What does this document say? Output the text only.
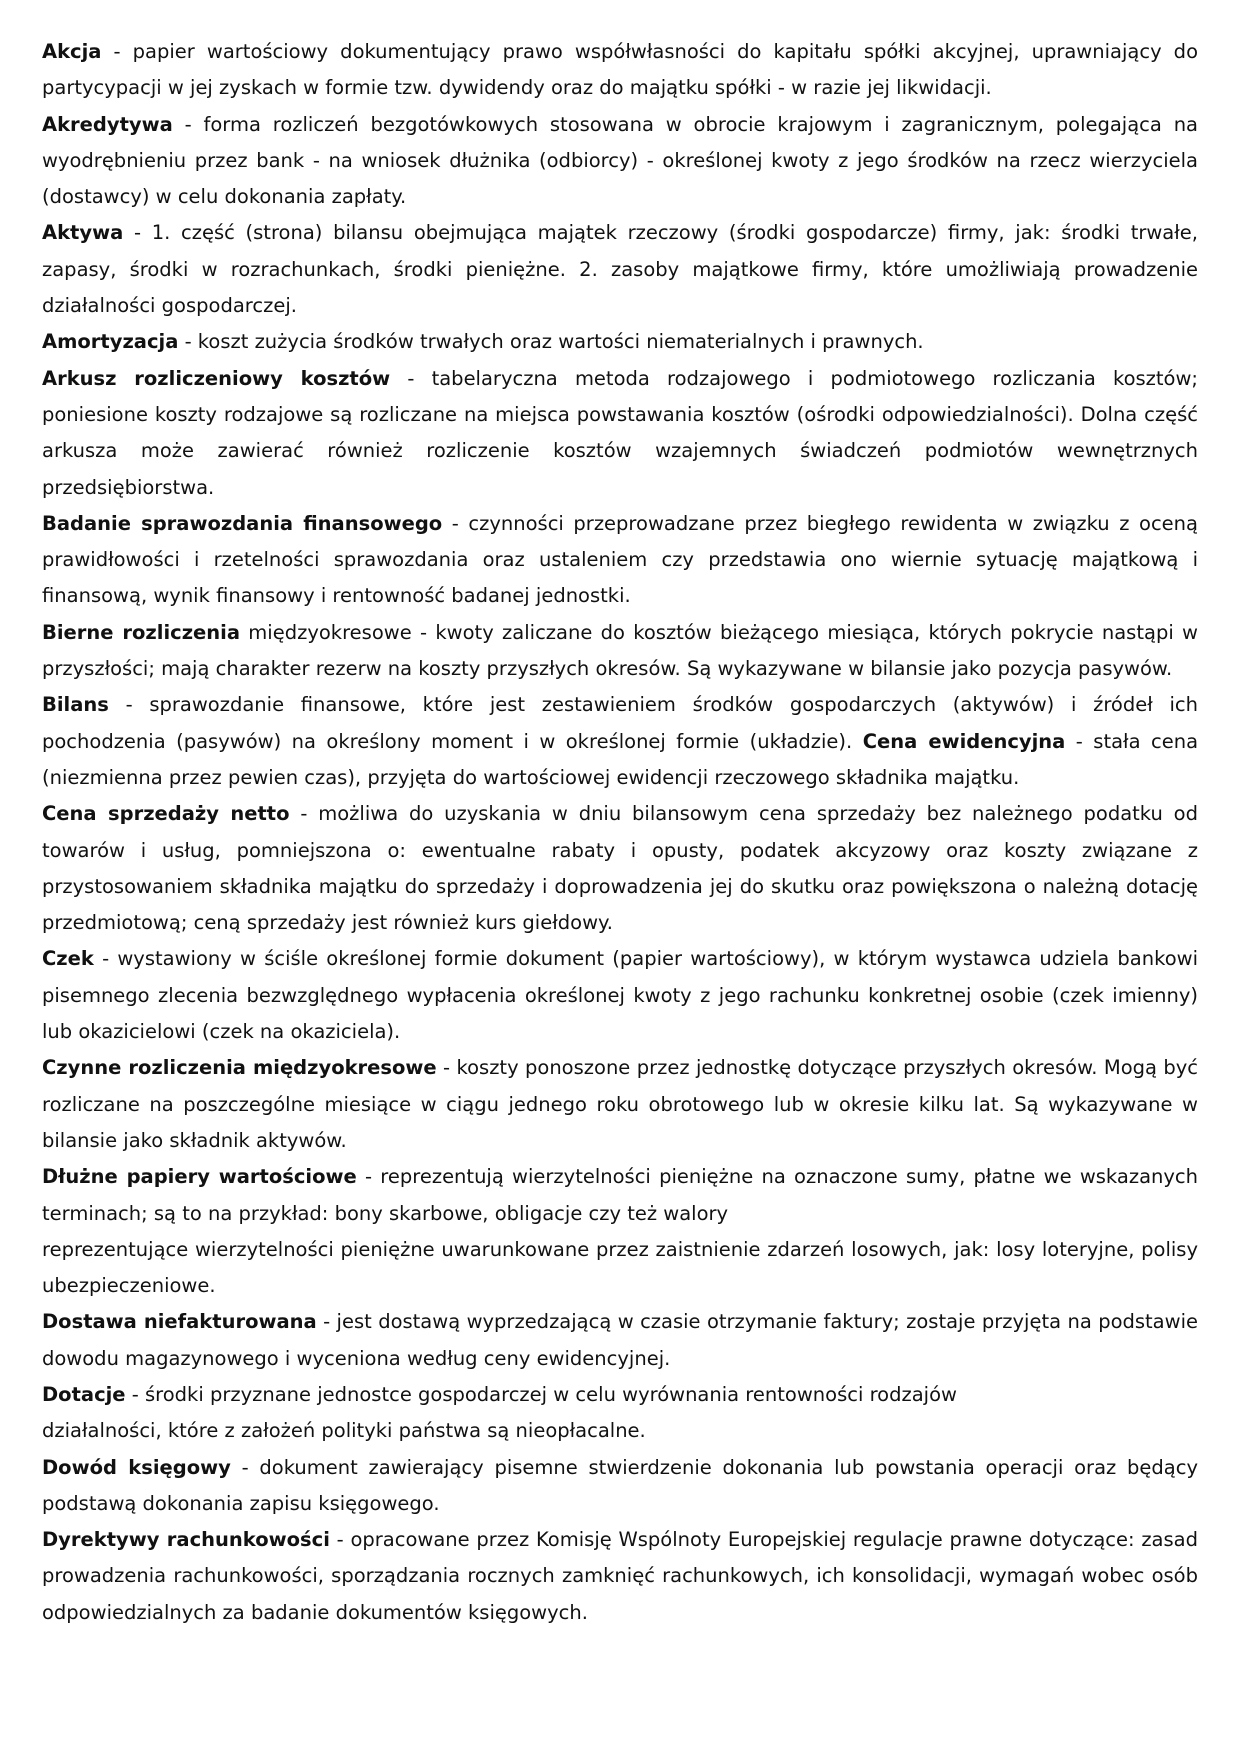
Akcja - papier wartościowy dokumentujący prawo współwłasności do kapitału spółki akcyjnej, uprawniający do partycypacji w jej zyskach w formie tzw. dywidendy oraz do majątku spółki - w razie jej likwidacji.

Akredytywa - forma rozliczeń bezgotówkowych stosowana w obrocie krajowym i zagranicznym, polegająca na wyodrębnieniu przez bank - na wniosek dłużnika (odbiorcy) - określonej kwoty z jego środków na rzecz wierzyciela (dostawcy) w celu dokonania zapłaty.

Aktywa - 1. część (strona) bilansu obejmująca majątek rzeczowy (środki gospodarcze) firmy, jak: środki trwałe, zapasy, środki w rozrachunkach, środki pieniężne. 2. zasoby majątkowe firmy, które umożliwiają prowadzenie działalności gospodarczej.

Amortyzacja - koszt zużycia środków trwałych oraz wartości niematerialnych i prawnych.

Arkusz rozliczeniowy kosztów - tabelaryczna metoda rodzajowego i podmiotowego rozliczania kosztów; poniesione koszty rodzajowe są rozliczane na miejsca powstawania kosztów (ośrodki odpowiedzialności). Dolna część arkusza może zawierać również rozliczenie kosztów wzajemnych świadczeń podmiotów wewnętrznych przedsiębiorstwa.

Badanie sprawozdania finansowego - czynności przeprowadzane przez biegłego rewidenta w związku z oceną prawidłowości i rzetelności sprawozdania oraz ustaleniem czy przedstawia ono wiernie sytuację majątkową i finansową, wynik finansowy i rentowność badanej jednostki.

Bierne rozliczenia międzyokresowe - kwoty zaliczane do kosztów bieżącego miesiąca, których pokrycie nastąpi w przyszłości; mają charakter rezerw na koszty przyszłych okresów. Są wykazywane w bilansie jako pozycja pasywów.

Bilans - sprawozdanie finansowe, które jest zestawieniem środków gospodarczych (aktywów) i źródeł ich pochodzenia (pasywów) na określony moment i w określonej formie (układzie). Cena ewidencyjna - stała cena (niezmienna przez pewien czas), przyjęta do wartościowej ewidencji rzeczowego składnika majątku.

Cena sprzedaży netto - możliwa do uzyskania w dniu bilansowym cena sprzedaży bez należnego podatku od towarów i usług, pomniejszona o: ewentualne rabaty i opusty, podatek akcyzowy oraz koszty związane z przystosowaniem składnika majątku do sprzedaży i doprowadzenia jej do skutku oraz powiększona o należną dotację przedmiotową; ceną sprzedaży jest również kurs giełdowy.

Czek - wystawiony w ściśle określonej formie dokument (papier wartościowy), w którym wystawca udziela bankowi pisemnego zlecenia bezwzględnego wypłacenia określonej kwoty z jego rachunku konkretnej osobie (czek imienny) lub okazicielowi (czek na okaziciela).

Czynne rozliczenia międzyokresowe - koszty ponoszone przez jednostkę dotyczące przyszłych okresów. Mogą być rozliczane na poszczególne miesiące w ciągu jednego roku obrotowego lub w okresie kilku lat. Są wykazywane w bilansie jako składnik aktywów.

Dłużne papiery wartościowe - reprezentują wierzytelności pieniężne na oznaczone sumy, płatne we wskazanych terminach; są to na przykład: bony skarbowe, obligacje czy też walory

reprezentujące wierzytelności pieniężne uwarunkowane przez zaistnienie zdarzeń losowych, jak: losy loteryjne, polisy ubezpieczeniowe.

Dostawa niefakturowana - jest dostawą wyprzedzającą w czasie otrzymanie faktury; zostaje przyjęta na podstawie dowodu magazynowego i wyceniona według ceny ewidencyjnej.

Dotacje - środki przyznane jednostce gospodarczej w celu wyrównania rentowności rodzajów

działalności, które z założeń polityki państwa są nieopłacalne.

Dowód księgowy - dokument zawierający pisemne stwierdzenie dokonania lub powstania operacji oraz będący podstawą dokonania zapisu księgowego.

Dyrektywy rachunkowości - opracowane przez Komisję Wspólnoty Europejskiej regulacje prawne dotyczące: zasad prowadzenia rachunkowości, sporządzania rocznych zamknięć rachunkowych, ich konsolidacji, wymagań wobec osób odpowiedzialnych za badanie dokumentów księgowych.
